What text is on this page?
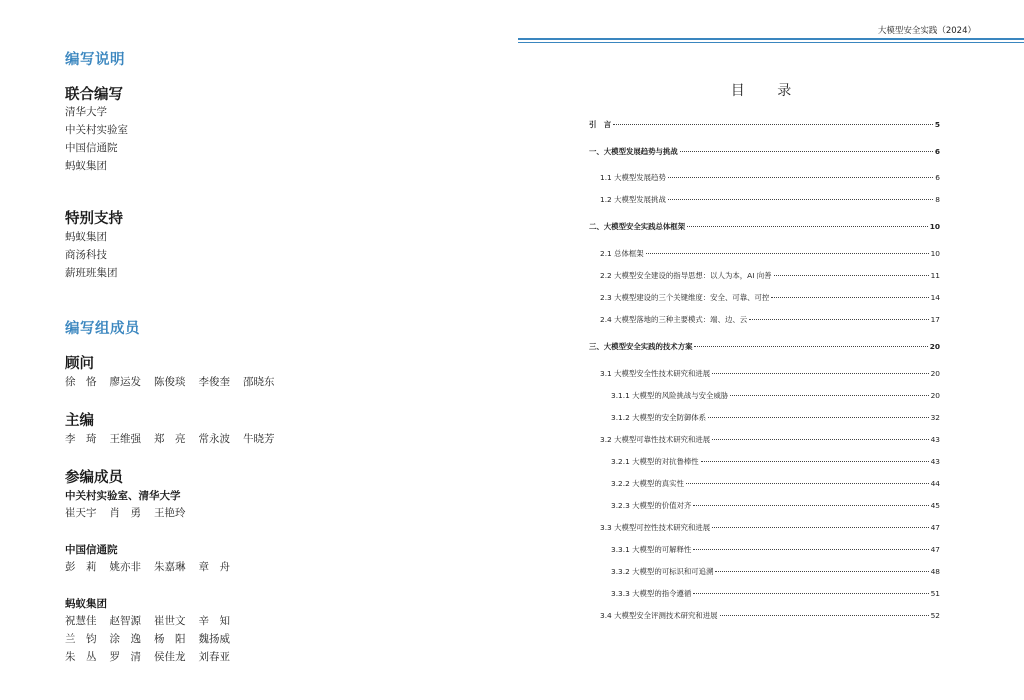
编写说明
联合编写
清华大学
中关村实验室
中国信通院
蚂蚁集团
特别支持
蚂蚁集团
商汤科技
薪班班集团
编写组成员
顾问
徐　恪 廖运发 陈俊琰 李俊奎 邵晓东
主编
李　琦 王维强 郑　亮 常永波 牛晓芳
参编成员
中关村实验室、清华大学
崔天宇 肖　勇 王艳玲
中国信通院
彭　莉 姚亦非 朱嘉琳 章　舟
蚂蚁集团
祝慧佳 赵智源 崔世文 辛　知
兰　钧 涂　逸 杨　阳 魏扬威
朱　丛 罗　清 侯佳龙 刘春亚
大模型安全实践（2024）
目 录
引　言	5
一、大模型发展趋势与挑战	6
1.1 大模型发展趋势	6
1.2 大模型发展挑战	8
二、大模型安全实践总体框架	10
2.1 总体框架	10
2.2 大模型安全建设的指导思想：以人为本，AI 向善	11
2.3 大模型建设的三个关键维度：安全、可靠、可控	14
2.4 大模型落地的三种主要模式：端、边、云	17
三、大模型安全实践的技术方案	20
3.1 大模型安全性技术研究和进展	20
3.1.1 大模型的风险挑战与安全威胁	20
3.1.2 大模型的安全防御体系	32
3.2 大模型可靠性技术研究和进展	43
3.2.1 大模型的对抗鲁棒性	43
3.2.2 大模型的真实性	44
3.2.3 大模型的价值对齐	45
3.3 大模型可控性技术研究和进展	47
3.3.1 大模型的可解释性	47
3.3.2 大模型的可标识和可追溯	48
3.3.3 大模型的指令遵循	51
3.4 大模型安全评测技术研究和进展	52
